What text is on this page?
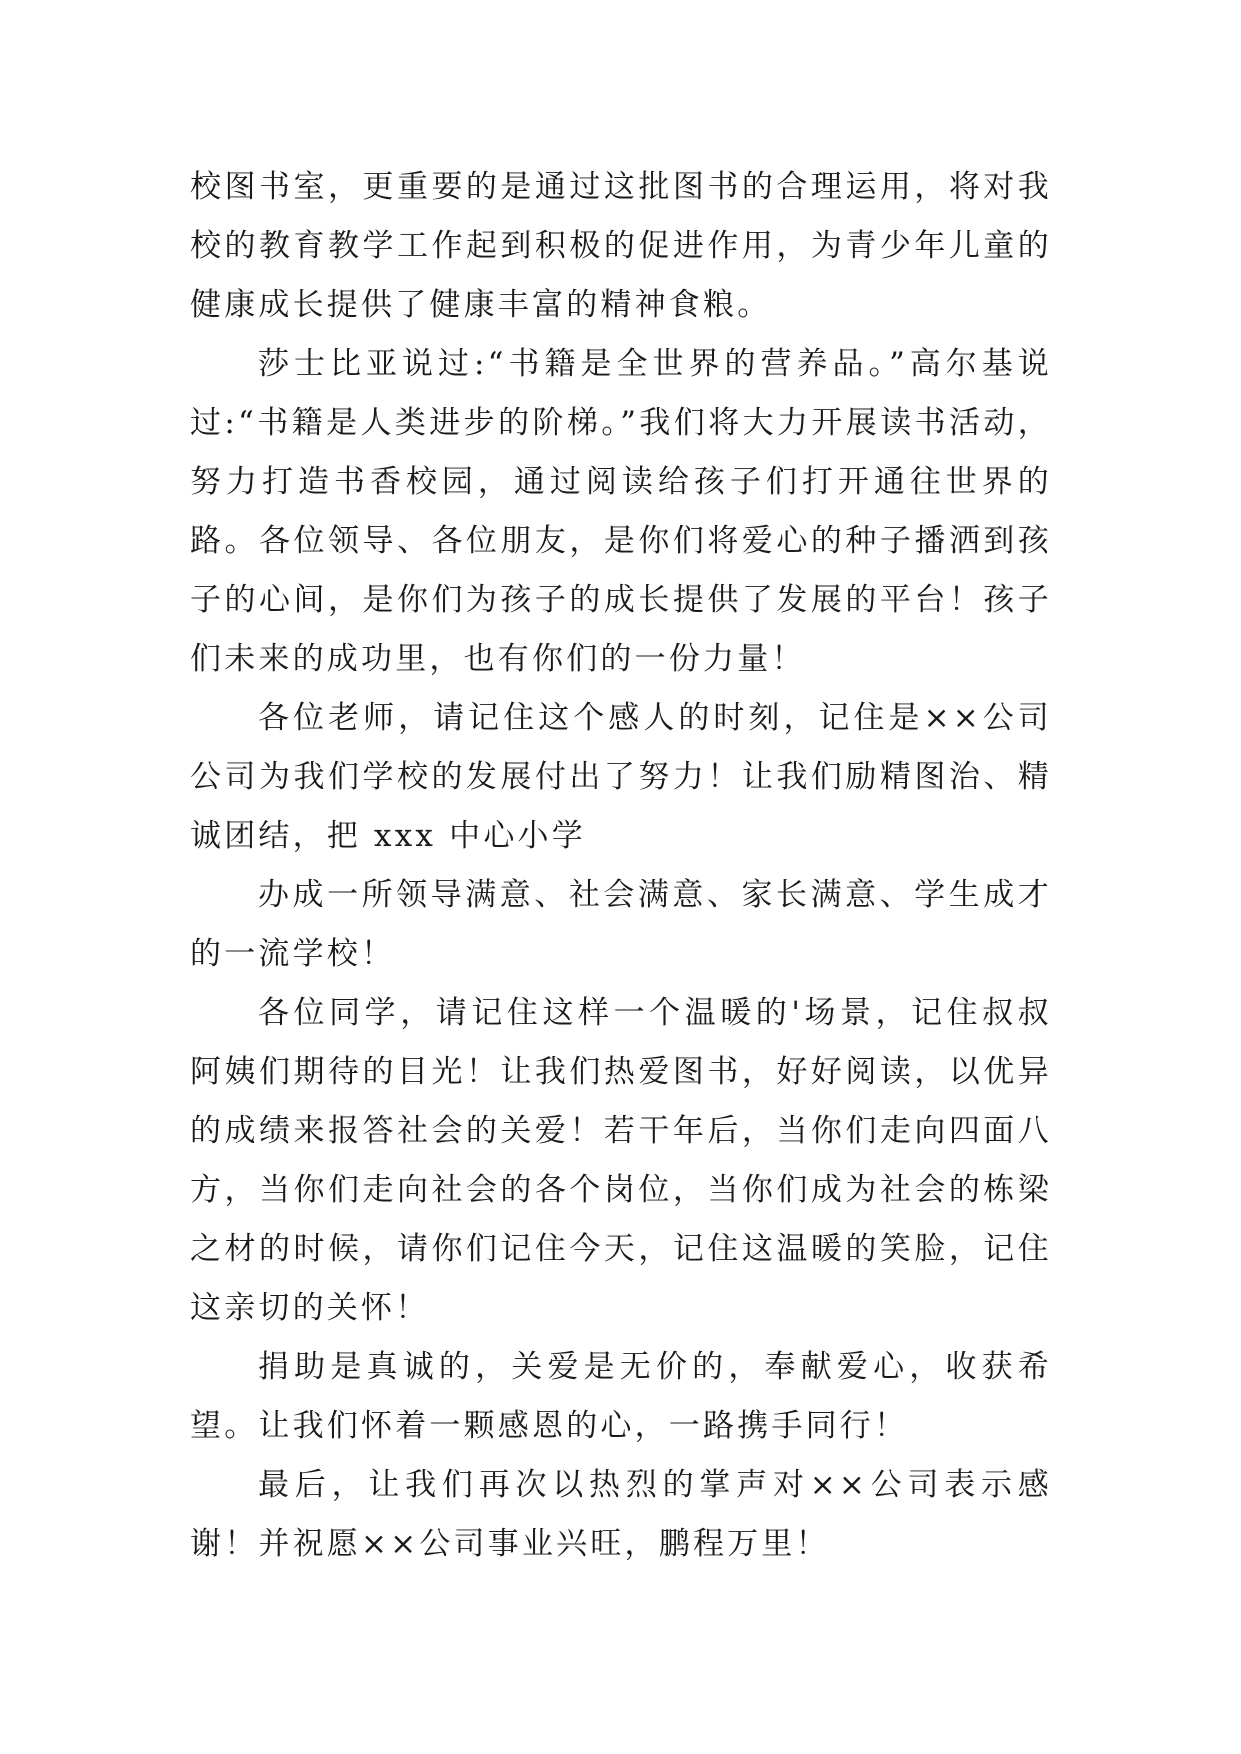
校图书室，更重要的是通过这批图书的合理运用，将对我校的教育教学工作起到积极的促进作用，为青少年儿童的健康成长提供了健康丰富的精神食粮。

莎士比亚说过:“书籍是全世界的营养品。”高尔基说过:“书籍是人类进步的阶梯。”我们将大力开展读书活动，努力打造书香校园，通过阅读给孩子们打开通往世界的路。各位领导、各位朋友，是你们将爱心的种子播洒到孩子的心间，是你们为孩子的成长提供了发展的平台！孩子们未来的成功里，也有你们的一份力量！

各位老师，请记住这个感人的时刻，记住是××公司公司为我们学校的发展付出了努力！让我们励精图治、精诚团结，把 xxx 中心小学

办成一所领导满意、社会满意、家长满意、学生成才的一流学校！

各位同学，请记住这样一个温暖的'场景，记住叔叔阿姨们期待的目光！让我们热爱图书，好好阅读，以优异的成绩来报答社会的关爱！若干年后，当你们走向四面八方，当你们走向社会的各个岗位，当你们成为社会的栋梁之材的时候，请你们记住今天，记住这温暖的笑脸，记住这亲切的关怀！

捐助是真诚的，关爱是无价的，奉献爱心，收获希望。让我们怀着一颗感恩的心，一路携手同行！

最后，让我们再次以热烈的掌声对××公司表示感谢！并祝愿××公司事业兴旺，鹏程万里！
